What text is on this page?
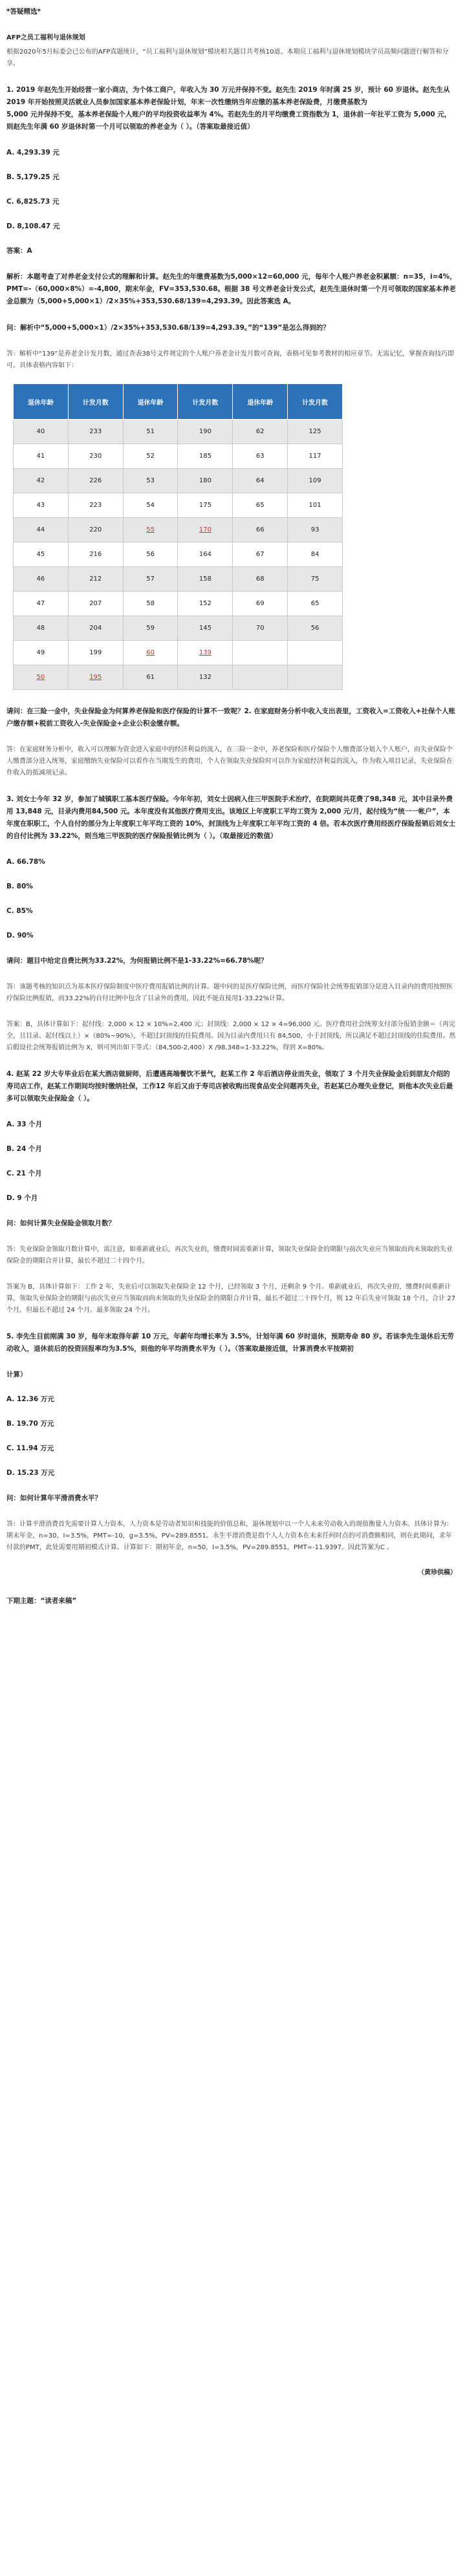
*答疑精选*

AFP之员工福利与退休规划

根据2020年5月标委会已公布的AFP真题统计，“员工福利与退休规划”模块相关题目共考核10道。本期员工福利与退休规划模块学员高频问题进行解答和分享。

1. 2019 年赵先生开始经营一家小商店，为个体工商户，年收入为 30 万元并保持不变。赵先生 2019 年时满 25 岁，预计 60 岁退休。赵先生从2019 年开始按照灵活就业人员参加国家基本养老保险计划，年末一次性缴纳当年应缴的基本养老保险费，月缴费基数为

5,000 元并保持不变，基本养老保险个人账户的平均投资收益率为 4%。若赵先生的月平均缴费工资指数为 1，退休前一年社平工资为 5,000 元，则赵先生年满 60 岁退休时第一个月可以领取的养老金为（ ）。（答案取最接近值）

A. 4,293.39 元

B. 5,179.25 元

C. 6,825.73 元

D. 8,108.47 元

答案：A

解析：本题考查了对养老金支付公式的理解和计算。赵先生的年缴费基数为5,000×12=60,000 元，每年个人账户养老金积累额：n=35，i=4%，PMT=-（60,000×8%）=-4,800，期末年金，FV=353,530.68。根据 38 号文养老金计发公式，赵先生退休时第一个月可领取的国家基本养老金总额为（5,000+5,000×1）/2×35%+353,530.68/139=4,293.39。因此答案选 A。

问：解析中“5,000+5,000×1）/2×35%+353,530.68/139=4,293.39。”的“139”是怎么得到的？

答：解析中“139”是养老金计发月数，通过查表38号文件规定的个人账户养老金计发月数可查询，表格可见参考教材的相应章节。无需记忆，掌握查询技巧即可。具体表格内容如下：

退休年龄	计发月数	退休年龄	计发月数	退休年龄	计发月数
40	233	51	190	62	125
41	230	52	185	63	117
42	226	53	180	64	109
43	223	54	175	65	101
44	220	55	170	66	93
45	216	56	164	67	84
46	212	57	158	68	75
47	207	58	152	69	65
48	204	59	145	70	56
49	199	60	139		
50	195	61	132		

请问：在三险一金中，失业保险金为何算养老保险和医疗保险的计算不一致呢？2. 在家庭财务分析中收入支出表里，工资收入=工资收入+社保个人账户缴存额+税前工资收入-失业保险金+企业公积金缴存额。

答：在家庭财务分析中，收入可以理解为资金进入家庭中的经济利益的流入，在三险一金中，养老保险和医疗保险个人缴费部分划入个人账户，而失业保险个人缴费部分进入统筹，家庭缴纳失业保险可以看作在当期发生的费用，个人在领取失业保险时可以作为家庭经济利益的流入，作为收入项目记录，失业保险在作收入的抵减项记录。

3. 刘女士今年 32 岁，参加了城镇职工基本医疗保险。今年年初，刘女士因病入住三甲医院手术治疗，在院期间共花费了98,348 元，其中目录外费用 13,848 元，目录内费用84,500 元。本年度没有其他医疗费用支出。该地区上年度职工平均工资为 2,000 元/月，起付线为“统一一帐户”，本年度在职职工，个人自付的部分为上年度职工年平均工资的 10%，封顶线为上年度职工年平均工资的 4 倍。若本次医疗费用经医疗保险报销后刘女士的自付比例为 33.22%，则当地三甲医院的医疗保险报销比例为（ ）。（取最接近的数值）

A. 66.78%

B. 80%

C. 85%

D. 90%

请问：题目中给定自费比例为33.22%，为何报销比例不是1-33.22%=66.78%呢？

答：该题考核的知识点为基本医疗保险制度中医疗费用报销比例的计算。题中问的是医疗保险比例，而医疗保险社会统筹报销部分是进入目录内的费用按照医疗保险比例报销，而33.22%的自付比例中包含了目录外的费用，因此不能直接用1-33.22%计算。

答案：B，具体计算如下：起付线：2,000 × 12 × 10%=2,400 元；封顶线：2,000 × 12 × 4=96,000 元。医疗费用社会统筹支付部分报销金额＝（再完全，且目录、起付线以上）×（80%~90%），不超过封顶线的住院费用。因为目录内费用只有 84,500，小于封顶线，所以满足不超过封顶线的住院费用。然后假设社会统筹报销比例为 X，则可列出如下等式：（84,500-2,400）X /98,348=1-33.22%，得到 X=80%。

4. 赵某 22 岁大专毕业后在某大酒店做厨师，后遭遇高端餐饮不景气，赵某工作 2 年后酒店停业而失业，领取了 3 个月失业保险金后到朋友介绍的寿司店工作，赵某工作期间均按时缴纳社保，工作12 年后又由于寿司店被收购出现食品安全问题再失业，若赵某已办理失业登记，则他本次失业后最多可以领取失业保险金（ ）。

A. 33 个月

B. 24 个月

C. 21 个月

D. 9 个月

问：如何计算失业保险金领取月数？

答：失业保险金领取月数计算中，需注意，如重新就业后，再次失业的，缴费时间需重新计算，领取失业保险金的期限与前次失业应当领取而尚未领取的失业保险金的期限合并计算，最长不超过二十四个月。

答案为 B，具体计算如下：工作 2 年，失业后可以领取失业保险金 12 个月，已经领取 3 个月，还剩余 9 个月。重新就业后，再次失业的，缴费时间重新计算，领取失业保险金的期限与前次失业应当领取而尚未领取的失业保险金的期限合并计算，最长不超过二十四个月，则 12 年后失业可领取 18 个月，合计 27 个月，但最长不超过 24 个月。最多领取 24 个月。

5. 李先生目前刚满 30 岁，每年末取得年薪 10 万元，年薪年均增长率为 3.5%，计划年满 60 岁时退休，预期寿命 80 岁。若该李先生退休后无劳动收入，退休前后的投资回报率均为3.5%，则他的年平均消费水平为（ ）。（答案取最接近值，计算消费水平按期初

计算）

A. 12.36 万元

B. 19.70 万元

C. 11.94 万元

D. 15.23 万元

问：如何计算年平滑消费水平？

答：计算平滑消费首先需要计算人力资本，人力资本是劳动者知识和技能的价值总和，退休规划中以一个人未来劳动收入的现值衡量人力资本。具体计算为：期末年金，n=30，I=3.5%，PMT=-10，g=3.5%，PV=289.8551。永生平滑消费是指个人人力资本在未来任何时点的可消费额相同，则在此期间，求年付款的PMT，此处需要用期初模式计算。计算如下：期初年金，n=50，I=3.5%，PV=289.8551，PMT=-11.9397。因此答案为C 。

（黄珍供稿）

下期主题：“读者来稿”
